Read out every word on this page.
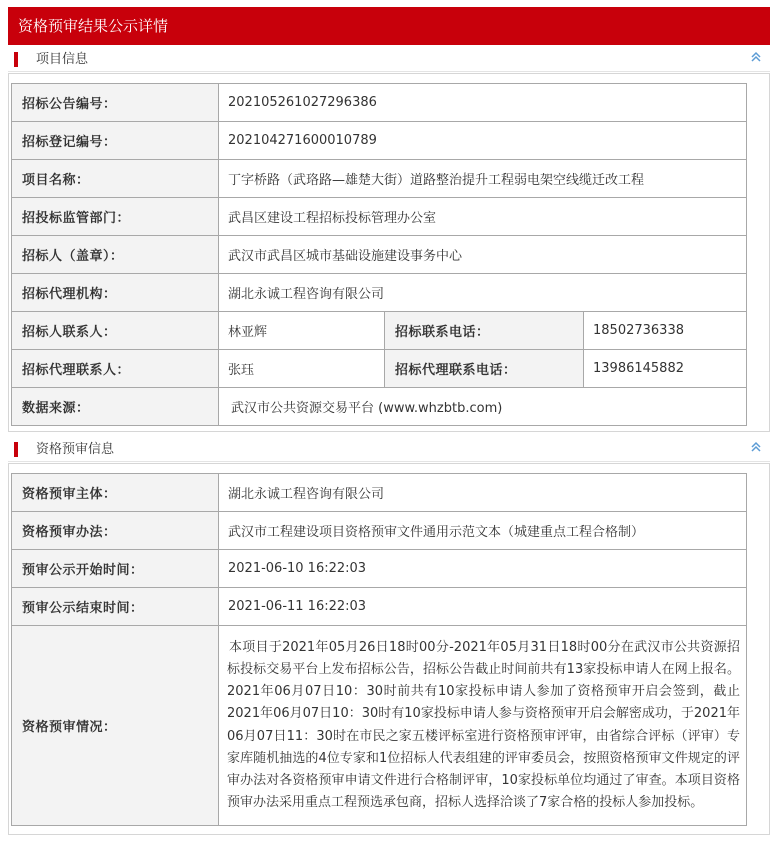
资格预审结果公示详情
项目信息
招标公告编号：	202105261027296386		
招标登记编号：	202104271600010789		
项目名称：	丁字桥路（武珞路—雄楚大街）道路整治提升工程弱电架空线缆迁改工程		
招投标监管部门：	武昌区建设工程招标投标管理办公室		
招标人（盖章）：	武汉市武昌区城市基础设施建设事务中心		
招标代理机构：	湖北永诚工程咨询有限公司		
招标人联系人：	林亚辉	招标联系电话：	18502736338
招标代理联系人：	张珏	招标代理联系电话：	13986145882
数据来源：	武汉市公共资源交易平台 (www.whzbtb.com)		
资格预审信息
资格预审主体：	湖北永诚工程咨询有限公司
资格预审办法：	武汉市工程建设项目资格预审文件通用示范文本（城建重点工程合格制）
预审公示开始时间：	2021-06-10 16:22:03
预审公示结束时间：	2021-06-11 16:22:03
资格预审情况：	本项目于2021年05月26日18时00分-2021年05月31日18时00分在武汉市公共资源招标投标交易平台上发布招标公告，招标公告截止时间前共有13家投标申请人在网上报名。2021年06月07日10：30时前共有10家投标申请人参加了资格预审开启会签到，截止2021年06月07日10：30时有10家投标申请人参与资格预审开启会解密成功，于2021年06月07日11：30时在市民之家五楼评标室进行资格预审评审，由省综合评标（评审）专家库随机抽选的4位专家和1位招标人代表组建的评审委员会，按照资格预审文件规定的评审办法对各资格预审申请文件进行合格制评审，10家投标单位均通过了审查。本项目资格预审办法采用重点工程预选承包商，招标人选择洽谈了7家合格的投标人参加投标。
